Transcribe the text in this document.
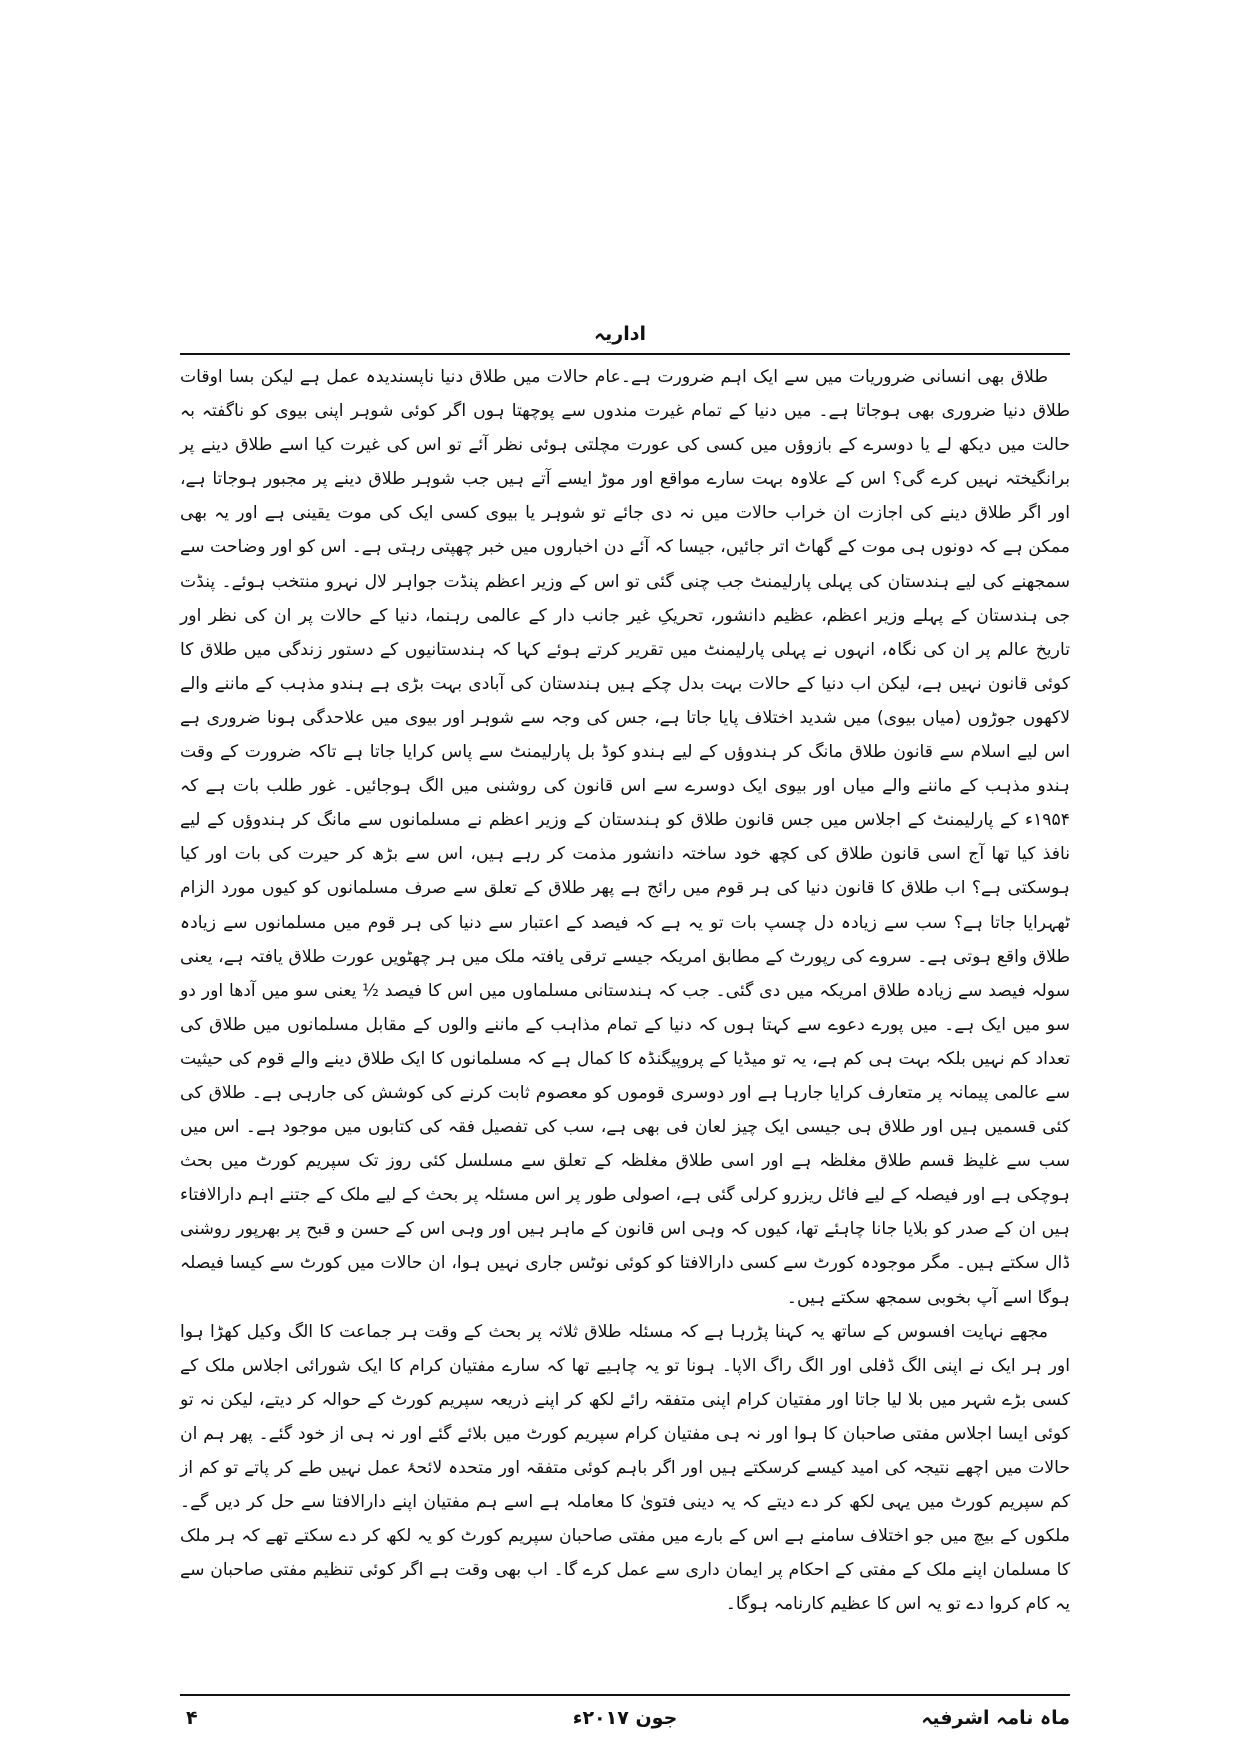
اداریہ

طلاق بھی انسانی ضروریات میں سے ایک اہم ضرورت ہے۔عام حالات میں طلاق دنیا ناپسندیدہ عمل ہے لیکن بسا اوقات طلاق دنیا ضروری بھی ہوجاتا ہے۔ میں دنیا کے تمام غیرت مندوں سے پوچھتا ہوں اگر کوئی شوہر اپنی بیوی کو ناگفتہ بہ حالت میں دیکھ لے یا دوسرے کے بازوؤں میں کسی کی عورت مچلتی ہوئی نظر آئے تو اس کی غیرت کیا اسے طلاق دینے پر برانگیختہ نہیں کرے گی؟ اس کے علاوہ بہت سارے مواقع اور موڑ ایسے آتے ہیں جب شوہر طلاق دینے پر مجبور ہوجاتا ہے، اور اگر طلاق دینے کی اجازت ان خراب حالات میں نہ دی جائے تو شوہر یا بیوی کسی ایک کی موت یقینی ہے اور یہ بھی ممکن ہے کہ دونوں ہی موت کے گھاٹ اتر جائیں، جیسا کہ آئے دن اخباروں میں خبر چھپتی رہتی ہے۔ اس کو اور وضاحت سے سمجھنے کی لیے ہندستان کی پہلی پارلیمنٹ جب چنی گئی تو اس کے وزیر اعظم پنڈت جواہر لال نہرو منتخب ہوئے۔ پنڈت جی ہندستان کے پہلے وزیر اعظم، عظیم دانشور، تحریکِ غیر جانب دار کے عالمی رہنما، دنیا کے حالات پر ان کی نظر اور تاریخ عالم پر ان کی نگاہ، انہوں نے پہلی پارلیمنٹ میں تقریر کرتے ہوئے کہا کہ ہندستانیوں کے دستور زندگی میں طلاق کا کوئی قانون نہیں ہے، لیکن اب دنیا کے حالات بہت بدل چکے ہیں ہندستان کی آبادی بہت بڑی ہے ہندو مذہب کے ماننے والے لاکھوں جوڑوں (میاں بیوی) میں شدید اختلاف پایا جاتا ہے، جس کی وجہ سے شوہر اور بیوی میں علاحدگی ہونا ضروری ہے اس لیے اسلام سے قانون طلاق مانگ کر ہندوؤں کے لیے ہندو کوڈ بل پارلیمنٹ سے پاس کرایا جاتا ہے تاکہ ضرورت کے وقت ہندو مذہب کے ماننے والے میاں اور بیوی ایک دوسرے سے اس قانون کی روشنی میں الگ ہوجائیں۔ غور طلب بات ہے کہ ۱۹۵۴ء کے پارلیمنٹ کے اجلاس میں جس قانون طلاق کو ہندستان کے وزیر اعظم نے مسلمانوں سے مانگ کر ہندوؤں کے لیے نافذ کیا تھا آج اسی قانون طلاق کی کچھ خود ساختہ دانشور مذمت کر رہے ہیں، اس سے بڑھ کر حیرت کی بات اور کیا ہوسکتی ہے؟ اب طلاق کا قانون دنیا کی ہر قوم میں رائج ہے پھر طلاق کے تعلق سے صرف مسلمانوں کو کیوں مورد الزام ٹھہرایا جاتا ہے؟ سب سے زیادہ دل چسپ بات تو یہ ہے کہ فیصد کے اعتبار سے دنیا کی ہر قوم میں مسلمانوں سے زیادہ طلاق واقع ہوتی ہے۔ سروے کی رپورٹ کے مطابق امریکہ جیسے ترقی یافتہ ملک میں ہر چھٹویں عورت طلاق یافتہ ہے، یعنی سولہ فیصد سے زیادہ طلاق امریکہ میں دی گئی۔ جب کہ ہندستانی مسلماوں میں اس کا فیصد ½ یعنی سو میں آدھا اور دو سو میں ایک ہے۔ میں پورے دعوے سے کہتا ہوں کہ دنیا کے تمام مذاہب کے ماننے والوں کے مقابل مسلمانوں میں طلاق کی تعداد کم نہیں بلکہ بہت ہی کم ہے، یہ تو میڈیا کے پروپیگنڈہ کا کمال ہے کہ مسلمانوں کا ایک طلاق دینے والے قوم کی حیثیت سے عالمی پیمانہ پر متعارف کرایا جارہا ہے اور دوسری قوموں کو معصوم ثابت کرنے کی کوشش کی جارہی ہے۔ طلاق کی کئی قسمیں ہیں اور طلاق ہی جیسی ایک چیز لعان فی بھی ہے، سب کی تفصیل فقہ کی کتابوں میں موجود ہے۔ اس میں سب سے غلیظ قسم طلاق مغلظہ ہے اور اسی طلاق مغلظہ کے تعلق سے مسلسل کئی روز تک سپریم کورٹ میں بحث ہوچکی ہے اور فیصلہ کے لیے فائل ریزرو کرلی گئی ہے، اصولی طور پر اس مسئلہ پر بحث کے لیے ملک کے جتنے اہم دارالافتاء ہیں ان کے صدر کو بلایا جانا چاہئے تھا، کیوں کہ وہی اس قانون کے ماہر ہیں اور وہی اس کے حسن و قبح پر بھرپور روشنی ڈال سکتے ہیں۔ مگر موجودہ کورٹ سے کسی دارالافتا کو کوئی نوٹس جاری نہیں ہوا، ان حالات میں کورٹ سے کیسا فیصلہ ہوگا اسے آپ بخوبی سمجھ سکتے ہیں۔

مجھے نہایت افسوس کے ساتھ یہ کہنا پڑرہا ہے کہ مسئلہ طلاق ثلاثہ پر بحث کے وقت ہر جماعت کا الگ وکیل کھڑا ہوا اور ہر ایک نے اپنی الگ ڈفلی اور الگ راگ الاپا۔ ہونا تو یہ چاہیے تھا کہ سارے مفتیان کرام کا ایک شورائی اجلاس ملک کے کسی بڑے شہر میں بلا لیا جاتا اور مفتیان کرام اپنی متفقہ رائے لکھ کر اپنے ذریعہ سپریم کورٹ کے حوالہ کر دیتے، لیکن نہ تو کوئی ایسا اجلاس مفتی صاحبان کا ہوا اور نہ ہی مفتیان کرام سپریم کورٹ میں بلائے گئے اور نہ ہی از خود گئے۔ پھر ہم ان حالات میں اچھے نتیجہ کی امید کیسے کرسکتے ہیں اور اگر باہم کوئی متفقہ اور متحدہ لائحۂ عمل نہیں طے کر پاتے تو کم از کم سپریم کورٹ میں یہی لکھ کر دے دیتے کہ یہ دینی فتویٰ کا معاملہ ہے اسے ہم مفتیان اپنے دارالافتا سے حل کر دیں گے۔ ملکوں کے بیچ میں جو اختلاف سامنے ہے اس کے بارے میں مفتی صاحبان سپریم کورٹ کو یہ لکھ کر دے سکتے تھے کہ ہر ملک کا مسلمان اپنے ملک کے مفتی کے احکام پر ایمان داری سے عمل کرے گا۔ اب بھی وقت ہے اگر کوئی تنظیم مفتی صاحبان سے یہ کام کروا دے تو یہ اس کا عظیم کارنامہ ہوگا۔

ماہ نامہ اشرفیہ
جون ۲۰۱۷ء
۴
